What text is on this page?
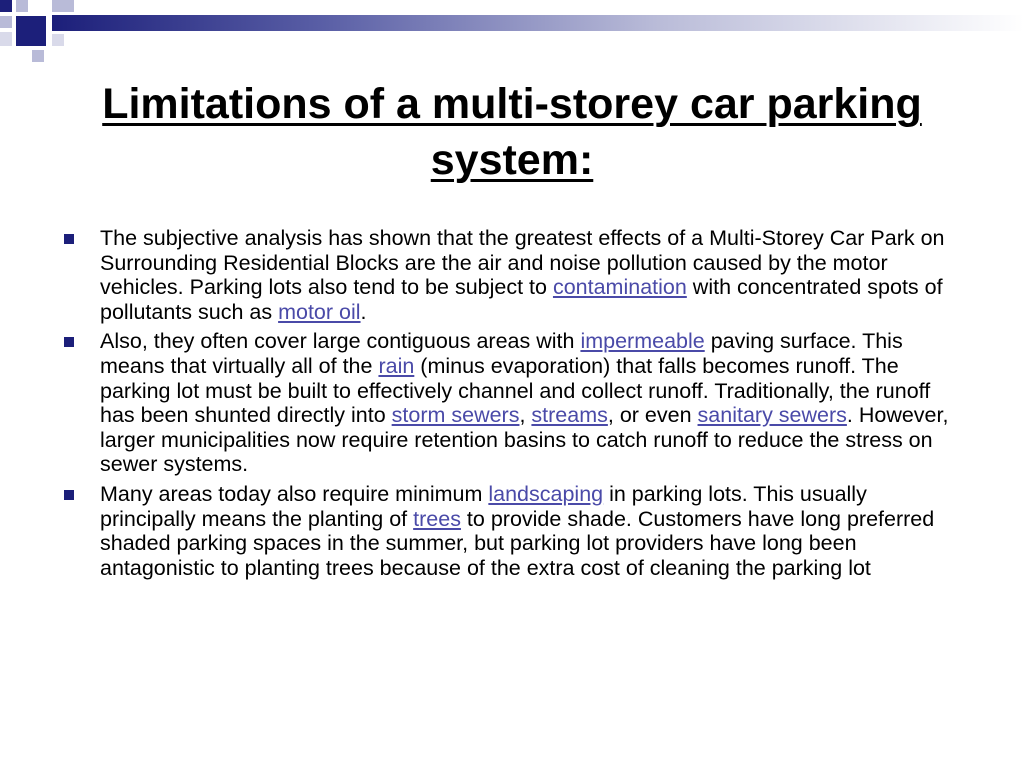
Limitations of a multi-storey car parking system:
The subjective analysis has shown that the greatest effects of a Multi-Storey Car Park on Surrounding Residential Blocks are the air and noise pollution caused by the motor vehicles. Parking lots also tend to be subject to contamination with concentrated spots of pollutants such as motor oil.
Also, they often cover large contiguous areas with impermeable paving surface. This means that virtually all of the rain (minus evaporation) that falls becomes runoff. The parking lot must be built to effectively channel and collect runoff. Traditionally, the runoff has been shunted directly into storm sewers, streams, or even sanitary sewers. However, larger municipalities now require retention basins to catch runoff to reduce the stress on sewer systems.
Many areas today also require minimum landscaping in parking lots. This usually principally means the planting of trees to provide shade. Customers have long preferred shaded parking spaces in the summer, but parking lot providers have long been antagonistic to planting trees because of the extra cost of cleaning the parking lot
